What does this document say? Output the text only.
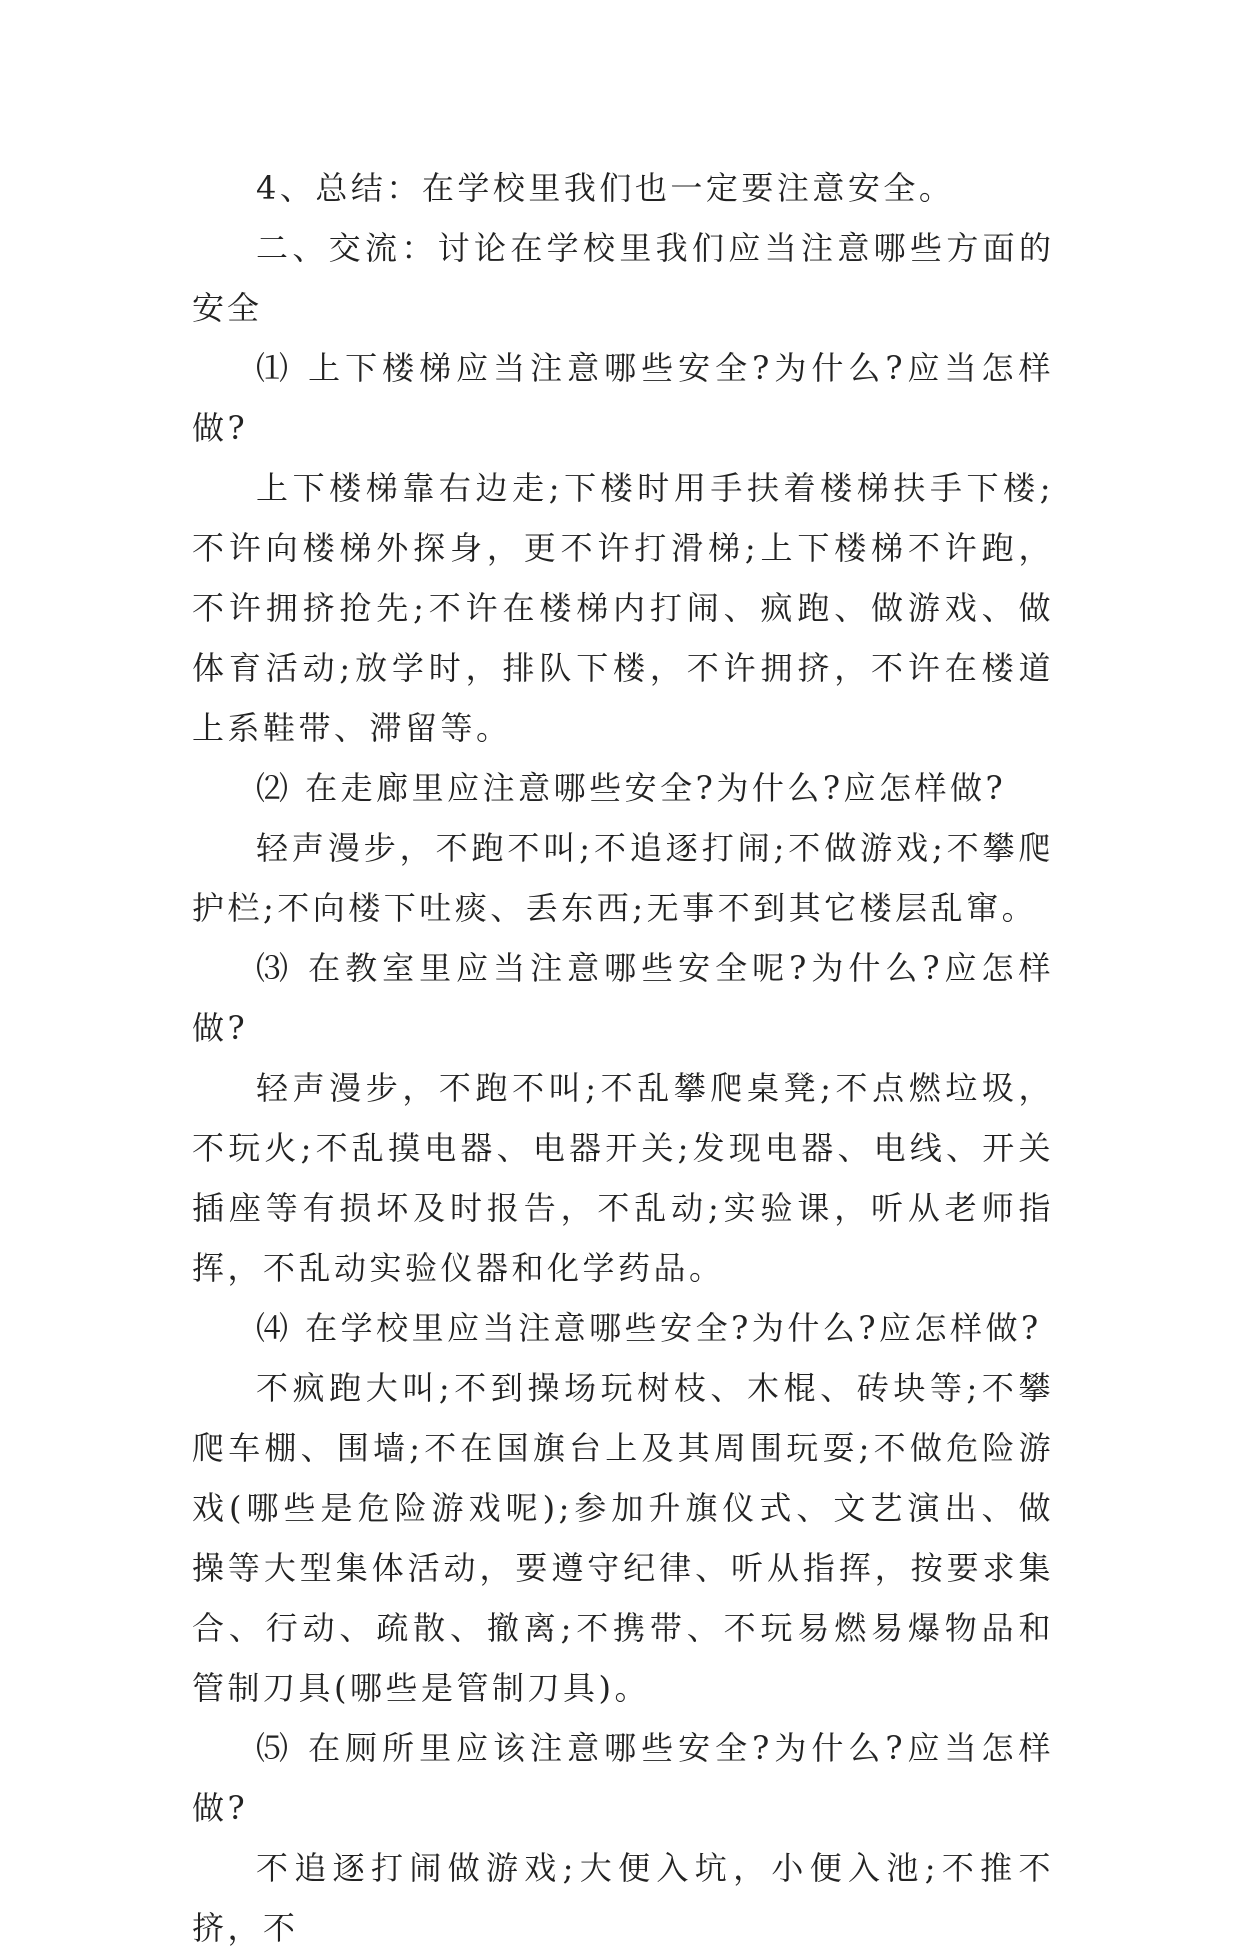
4、总结：在学校里我们也一定要注意安全。

二、交流：讨论在学校里我们应当注意哪些方面的安全

⑴ 上下楼梯应当注意哪些安全?为什么?应当怎样做?

上下楼梯靠右边走;下楼时用手扶着楼梯扶手下楼;不许向楼梯外探身，更不许打滑梯;上下楼梯不许跑，不许拥挤抢先;不许在楼梯内打闹、疯跑、做游戏、做体育活动;放学时，排队下楼，不许拥挤，不许在楼道上系鞋带、滞留等。

⑵ 在走廊里应注意哪些安全?为什么?应怎样做?

轻声漫步，不跑不叫;不追逐打闹;不做游戏;不攀爬护栏;不向楼下吐痰、丢东西;无事不到其它楼层乱窜。

⑶ 在教室里应当注意哪些安全呢?为什么?应怎样做?

轻声漫步，不跑不叫;不乱攀爬桌凳;不点燃垃圾，不玩火;不乱摸电器、电器开关;发现电器、电线、开关插座等有损坏及时报告，不乱动;实验课，听从老师指挥，不乱动实验仪器和化学药品。

⑷ 在学校里应当注意哪些安全?为什么?应怎样做?

不疯跑大叫;不到操场玩树枝、木棍、砖块等;不攀爬车棚、围墙;不在国旗台上及其周围玩耍;不做危险游戏(哪些是危险游戏呢);参加升旗仪式、文艺演出、做操等大型集体活动，要遵守纪律、听从指挥，按要求集合、行动、疏散、撤离;不携带、不玩易燃易爆物品和管制刀具(哪些是管制刀具)。

⑸ 在厕所里应该注意哪些安全?为什么?应当怎样做?

不追逐打闹做游戏;大便入坑，小便入池;不推不挤，不
